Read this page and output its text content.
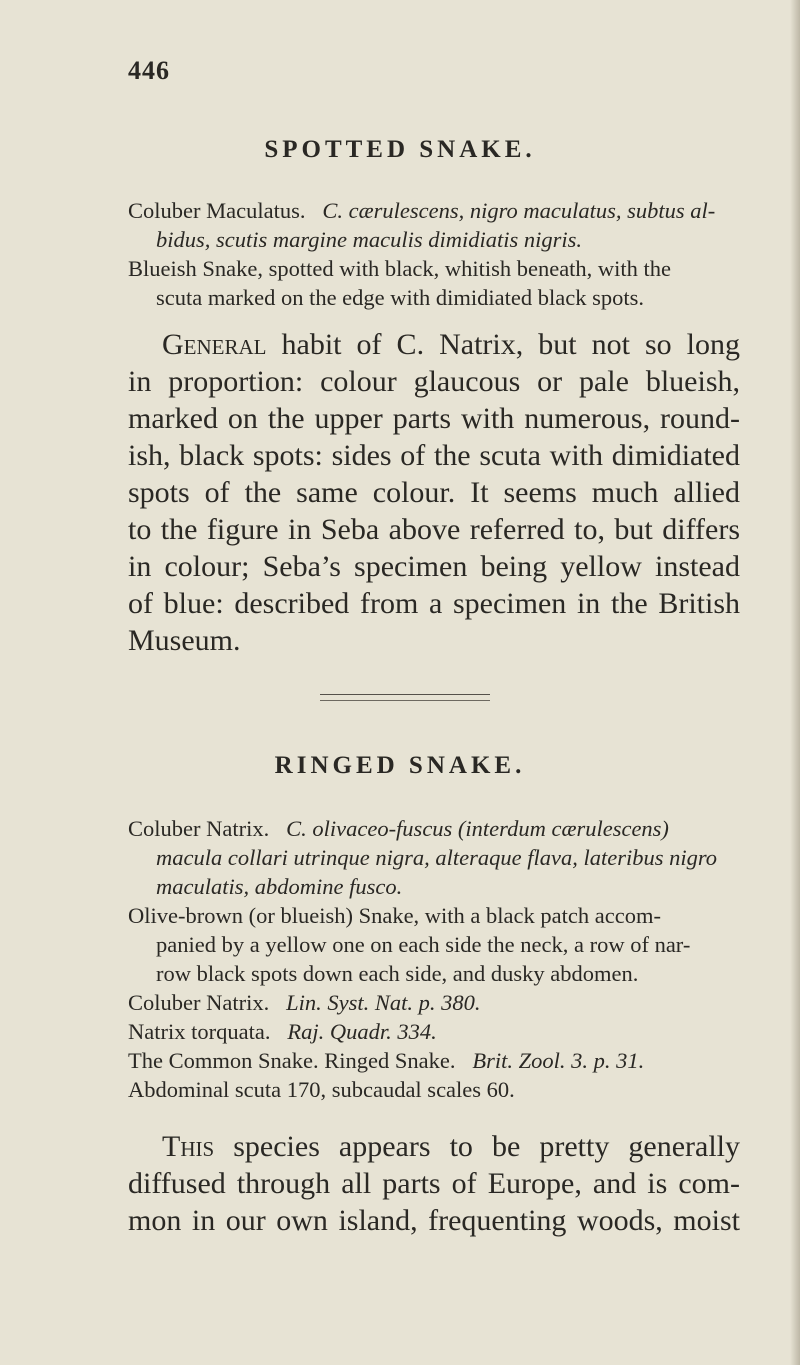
446
SPOTTED SNAKE.
Coluber Maculatus. C. cærulescens, nigro maculatus, subtus al-
bidus, scutis margine maculis dimidiatis nigris.
Blueish Snake, spotted with black, whitish beneath, with the
scuta marked on the edge with dimidiated black spots.
General habit of C. Natrix, but not so long
in proportion: colour glaucous or pale blueish,
marked on the upper parts with numerous, round-
ish, black spots: sides of the scuta with dimidiated
spots of the same colour. It seems much allied
to the figure in Seba above referred to, but differs
in colour; Seba’s specimen being yellow instead
of blue: described from a specimen in the British
Museum.
RINGED SNAKE.
Coluber Natrix. C. olivaceo-fuscus (interdum cærulescens)
macula collari utrinque nigra, alteraque flava, lateribus nigro
maculatis, abdomine fusco.
Olive-brown (or blueish) Snake, with a black patch accom-
panied by a yellow one on each side the neck, a row of nar-
row black spots down each side, and dusky abdomen.
Coluber Natrix. Lin. Syst. Nat. p. 380.
Natrix torquata. Raj. Quadr. 334.
The Common Snake. Ringed Snake. Brit. Zool. 3. p. 31.
Abdominal scuta 170, subcaudal scales 60.
This species appears to be pretty generally
diffused through all parts of Europe, and is com-
mon in our own island, frequenting woods, moist
